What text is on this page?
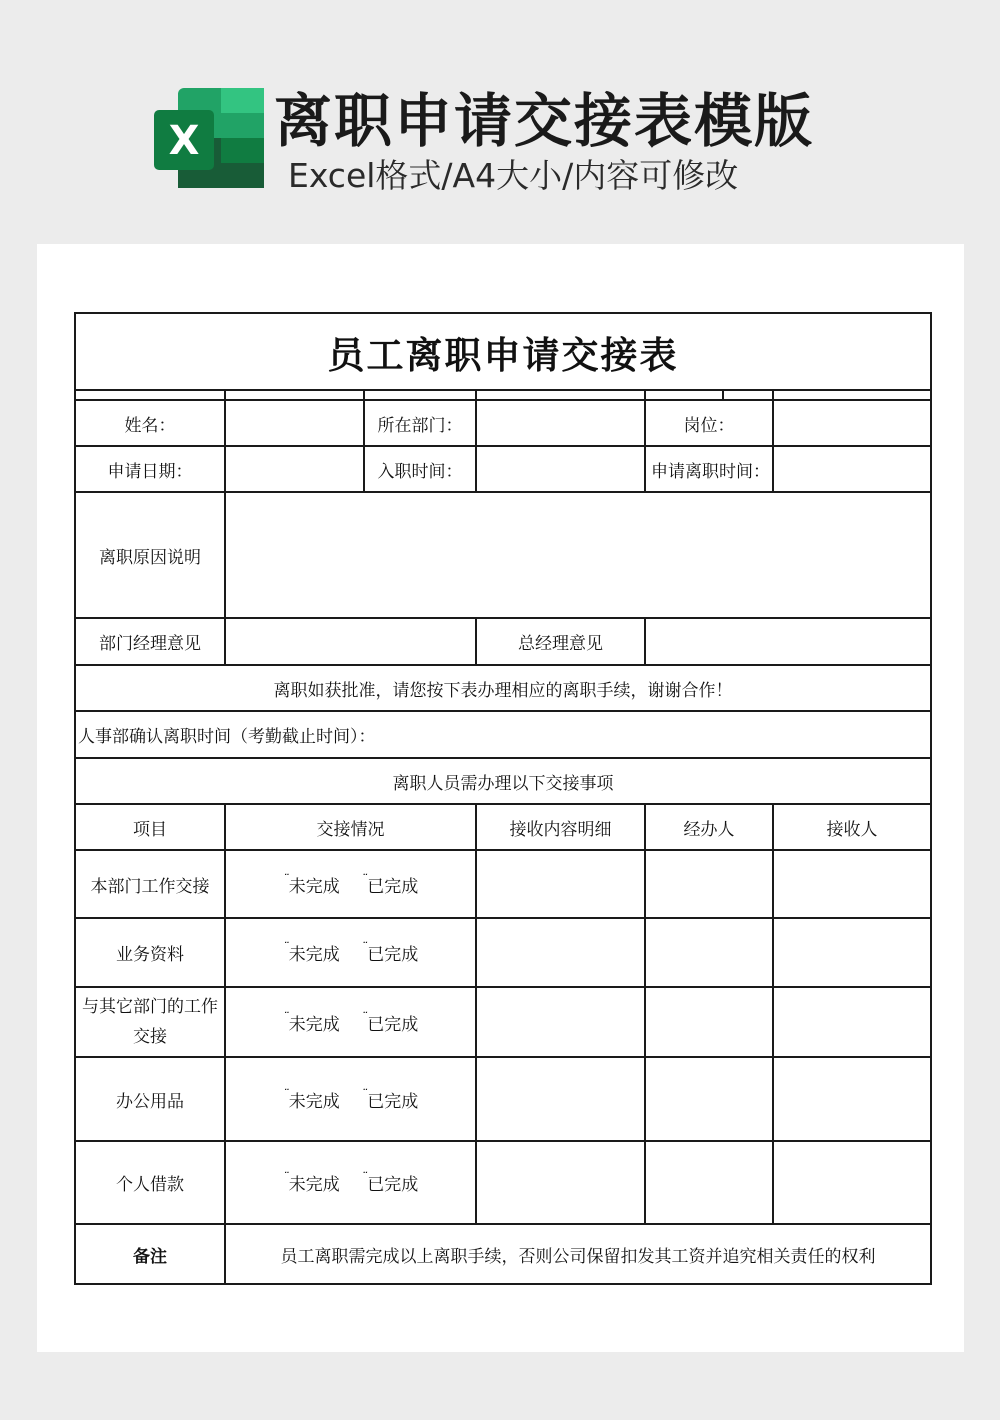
X 离职申请交接表模版
Excel格式/A4大小/内容可修改
员工离职申请交接表						

姓名：		所在部门：		岗位：		
申请日期：		入职时间：		申请离职时间：		
离职原因说明						
部门经理意见			总经理意见			
离职如获批准，请您按下表办理相应的离职手续，谢谢合作！						
人事部确认离职时间（考勤截止时间）：						
离职人员需办理以下交接事项						
项目	交接情况		接收内容明细	经办人		接收人
本部门工作交接	¨未完成 ¨已完成					
业务资料	¨未完成 ¨已完成					
与其它部门的工作交接	¨未完成 ¨已完成					
办公用品	¨未完成 ¨已完成					
个人借款	¨未完成 ¨已完成					
备注	员工离职需完成以上离职手续，否则公司保留扣发其工资并追究相关责任的权利					
